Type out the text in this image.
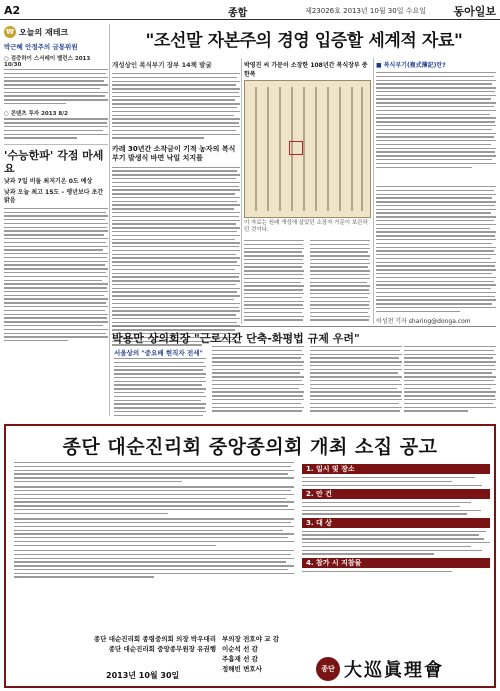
A2	종합	제23026호 2013년 10월 30일 수요일 동아일보
₩ 오늘의 재테크
박근혜 안정주의 금통위원
○ 검증하이 스서레이 밸런스 2013 10/30
○ 콘텐츠 투자 2013 8/2
'수능한파' 각점 마세요
낮과 7일 비둘 최저기온 0도 예상
낮과 오늘 최고 15도 – 맹년보다 초간 밝음
"조선말 자본주의 경영 입증할 세계적 자료"
개성상인 복식부기 장부 14책 발굴
카레 30년간 소작금이 기적 농자의 복식부기 발생식 바면 낙일 치지를
박영진 씨 가문이 소장한 108년간 복식장부 중 한폭
이 자료는 원래 개성에 살았던 소장자 가문이 보관하던 것이다.
■ 복식부기(複式簿記)란?
이성천 기자 sharing@donga.com
박용만 상의회장 "근로시간 단축-화평법 규제 우려"
서울상의 "중요배 현직자 전세"
종단 대순진리회 중앙종의회 개최 소집 공고
1. 일시 및 장소
2. 안 건
3. 대 상
4. 참가 시 지참물
종단 대순진리회 종령중의회 의장 박우대리
종단 대순진리회 중앙종무원장 유권행
부의장 전호야 교 감
이순석 선 감
주흡재 선 감
정해빈 변호사
2013년 10월 30일
종단 大巡眞理會
